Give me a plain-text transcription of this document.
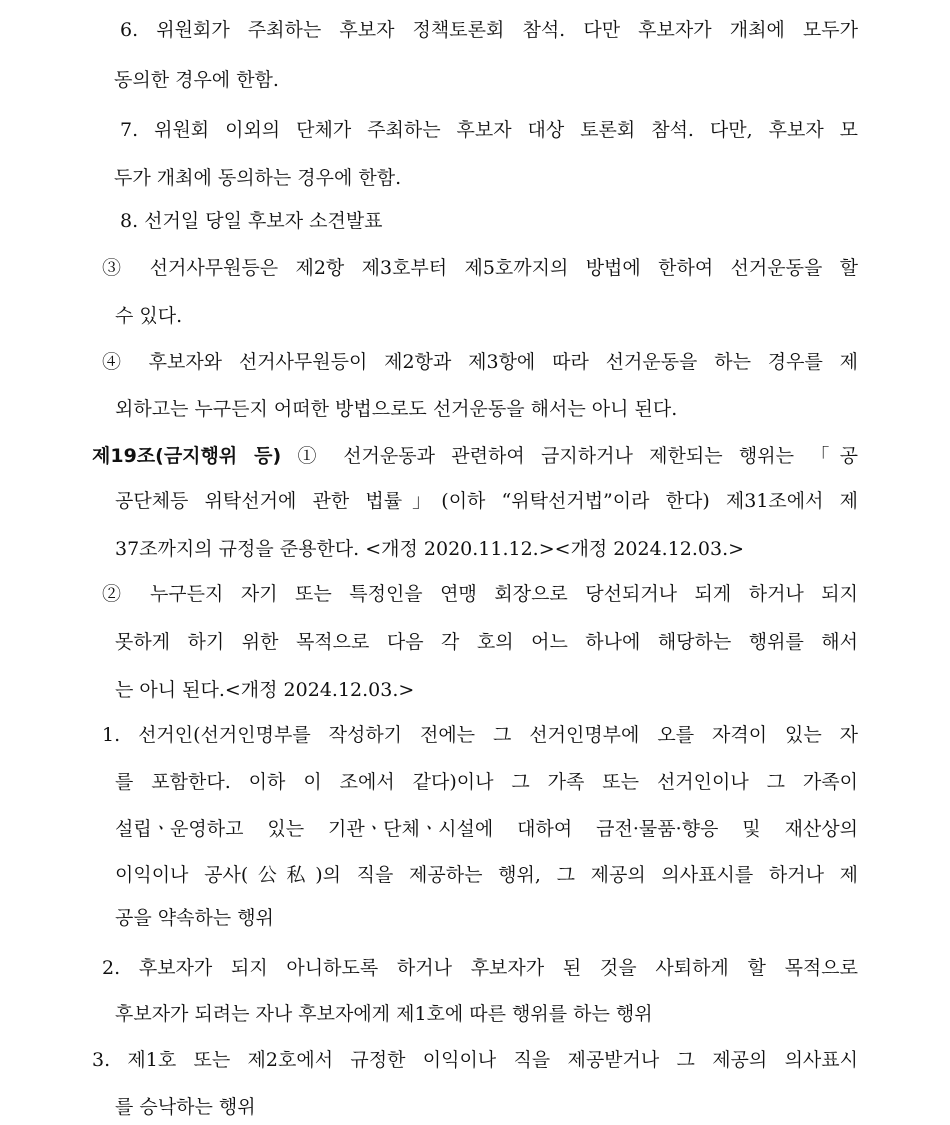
6. 위원회가 주최하는 후보자 정책토론회 참석. 다만 후보자가 개최에 모두가
동의한 경우에 한함.
7. 위원회 이외의 단체가 주최하는 후보자 대상 토론회 참석. 다만, 후보자 모
두가 개최에 동의하는 경우에 한함.
8. 선거일 당일 후보자 소견발표
③ 선거사무원등은 제2항 제3호부터 제5호까지의 방법에 한하여 선거운동을 할
수 있다.
④ 후보자와 선거사무원등이 제2항과 제3항에 따라 선거운동을 하는 경우를 제
외하고는 누구든지 어떠한 방법으로도 선거운동을 해서는 아니 된다.
제19조(금지행위 등) ① 선거운동과 관련하여 금지하거나 제한되는 행위는 「공
공단체등 위탁선거에 관한 법률」(이하 “위탁선거법”이라 한다) 제31조에서 제
37조까지의 규정을 준용한다. <개정 2020.11.12.><개정 2024.12.03.>
② 누구든지 자기 또는 특정인을 연맹 회장으로 당선되거나 되게 하거나 되지
못하게 하기 위한 목적으로 다음 각 호의 어느 하나에 해당하는 행위를 해서
는 아니 된다.<개정 2024.12.03.>
1. 선거인(선거인명부를 작성하기 전에는 그 선거인명부에 오를 자격이 있는 자
를 포함한다. 이하 이 조에서 같다)이나 그 가족 또는 선거인이나 그 가족이
설립ㆍ운영하고 있는 기관ㆍ단체ㆍ시설에 대하여 금전·물품·향응 및 재산상의
이익이나 공사(公私)의 직을 제공하는 행위, 그 제공의 의사표시를 하거나 제
공을 약속하는 행위
2. 후보자가 되지 아니하도록 하거나 후보자가 된 것을 사퇴하게 할 목적으로
후보자가 되려는 자나 후보자에게 제1호에 따른 행위를 하는 행위
3. 제1호 또는 제2호에서 규정한 이익이나 직을 제공받거나 그 제공의 의사표시
를 승낙하는 행위
